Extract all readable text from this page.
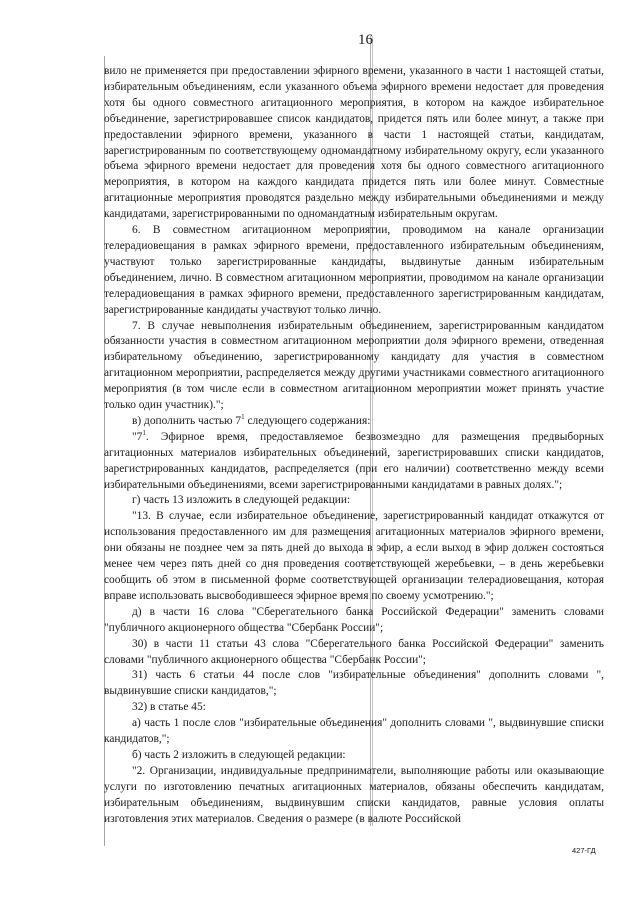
16

вило не применяется при предоставлении эфирного времени, указанного в части 1 настоящей статьи, избирательным объединениям, если указанного объема эфирного времени недостает для проведения хотя бы одного совместного агитационного мероприятия, в котором на каждое избирательное объединение, зарегистрировавшее список кандидатов, придется пять или более минут, а также при предоставлении эфирного времени, указанного в части 1 настоящей статьи, кандидатам, зарегистрированным по соответствующему одномандатному избирательному округу, если указанного объема эфирного времени недостает для проведения хотя бы одного совместного агитационного мероприятия, в котором на каждого кандидата придется пять или более минут. Совместные агитационные мероприятия проводятся раздельно между избирательными объединениями и между кандидатами, зарегистрированными по одномандатным избирательным округам.

6. В совместном агитационном мероприятии, проводимом на канале организации телерадиовещания в рамках эфирного времени, предоставленного избирательным объединениям, участвуют только зарегистрированные кандидаты, выдвинутые данным избирательным объединением, лично. В совместном агитационном мероприятии, проводимом на канале организации телерадиовещания в рамках эфирного времени, предоставленного зарегистрированным кандидатам, зарегистрированные кандидаты участвуют только лично.

7. В случае невыполнения избирательным объединением, зарегистрированным кандидатом обязанности участия в совместном агитационном мероприятии доля эфирного времени, отведенная избирательному объединению, зарегистрированному кандидату для участия в совместном агитационном мероприятии, распределяется между другими участниками совместного агитационного мероприятия (в том числе если в совместном агитационном мероприятии может принять участие только один участник).";

в) дополнить частью $7^1$ следующего содержания:

"$7^1$. Эфирное время, предоставляемое безвозмездно для размещения предвыборных агитационных материалов избирательных объединений, зарегистрировавших списки кандидатов, зарегистрированных кандидатов, распределяется (при его наличии) соответственно между всеми избирательными объединениями, всеми зарегистрированными кандидатами в равных долях.";

г) часть 13 изложить в следующей редакции:

"13. В случае, если избирательное объединение, зарегистрированный кандидат откажутся от использования предоставленного им для размещения агитационных материалов эфирного времени, они обязаны не позднее чем за пять дней до выхода в эфир, а если выход в эфир должен состояться менее чем через пять дней со дня проведения соответствующей жеребьевки, – в день жеребьевки сообщить об этом в письменной форме соответствующей организации телерадиовещания, которая вправе использовать высвободившееся эфирное время по своему усмотрению.";

д) в части 16 слова "Сберегательного банка Российской Федерации" заменить словами "публичного акционерного общества "Сбербанк России";

30) в части 11 статьи 43 слова "Сберегательного банка Российской Федерации" заменить словами "публичного акционерного общества "Сбербанк России";

31) часть 6 статьи 44 после слов "избирательные объединения" дополнить словами ", выдвинувшие списки кандидатов,";

32) в статье 45:

а) часть 1 после слов "избирательные объединения" дополнить словами ", выдвинувшие списки кандидатов,";

б) часть 2 изложить в следующей редакции:

"2. Организации, индивидуальные предприниматели, выполняющие работы или оказывающие услуги по изготовлению печатных агитационных материалов, обязаны обеспечить кандидатам, избирательным объединениям, выдвинувшим списки кандидатов, равные условия оплаты изготовления этих материалов. Сведения о размере (в валюте Российской

427-ГД
